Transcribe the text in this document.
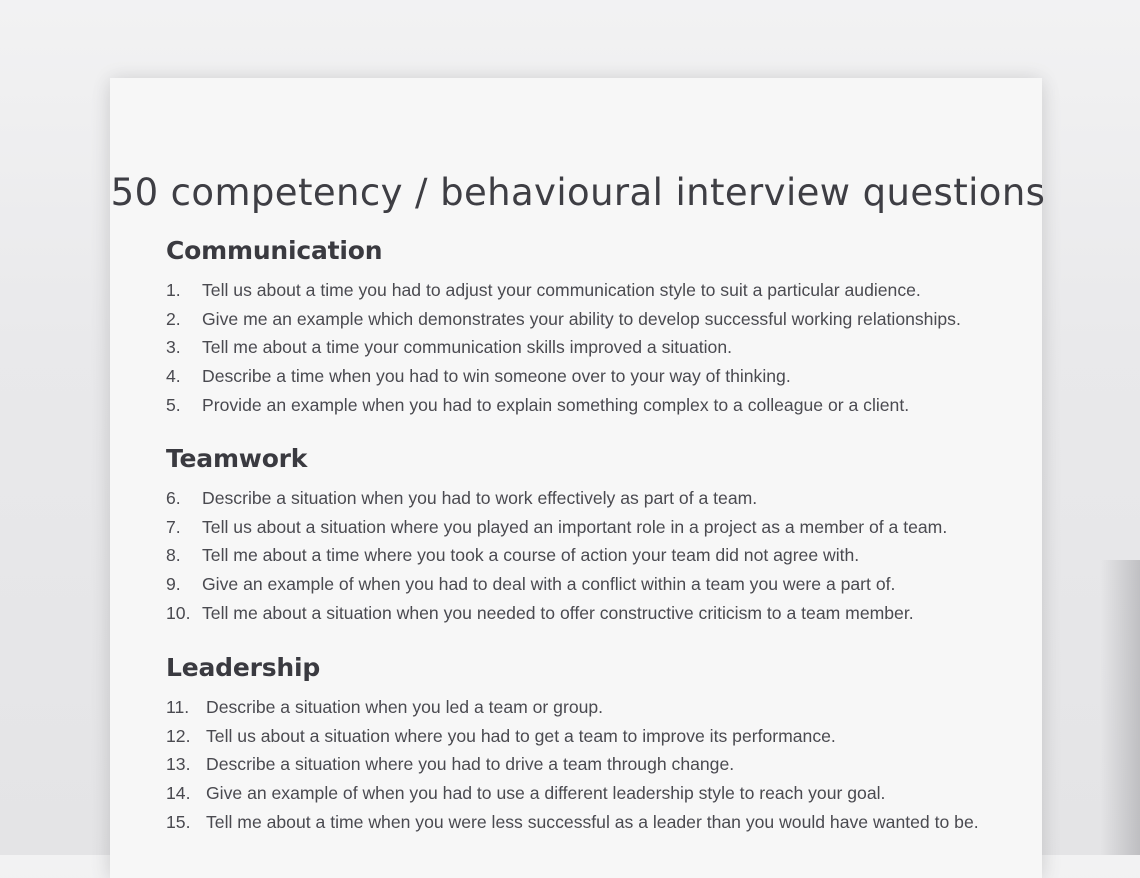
50 competency / behavioural interview questions
Communication
1.	Tell us about a time you had to adjust your communication style to suit a particular audience.
2.	Give me an example which demonstrates your ability to develop successful working relationships.
3.	Tell me about a time your communication skills improved a situation.
4.	Describe a time when you had to win someone over to your way of thinking.
5.	Provide an example when you had to explain something complex to a colleague or a client.
Teamwork
6.	Describe a situation when you had to work effectively as part of a team.
7.	Tell us about a situation where you played an important role in a project as a member of a team.
8.	Tell me about a time where you took a course of action your team did not agree with.
9.	Give an example of when you had to deal with a conflict within a team you were a part of.
10. Tell me about a situation when you needed to offer constructive criticism to a team member.
Leadership
11. Describe a situation when you led a team or group.
12. Tell us about a situation where you had to get a team to improve its performance.
13. Describe a situation where you had to drive a team through change.
14. Give an example of when you had to use a different leadership style to reach your goal.
15. Tell me about a time when you were less successful as a leader than you would have wanted to be.
